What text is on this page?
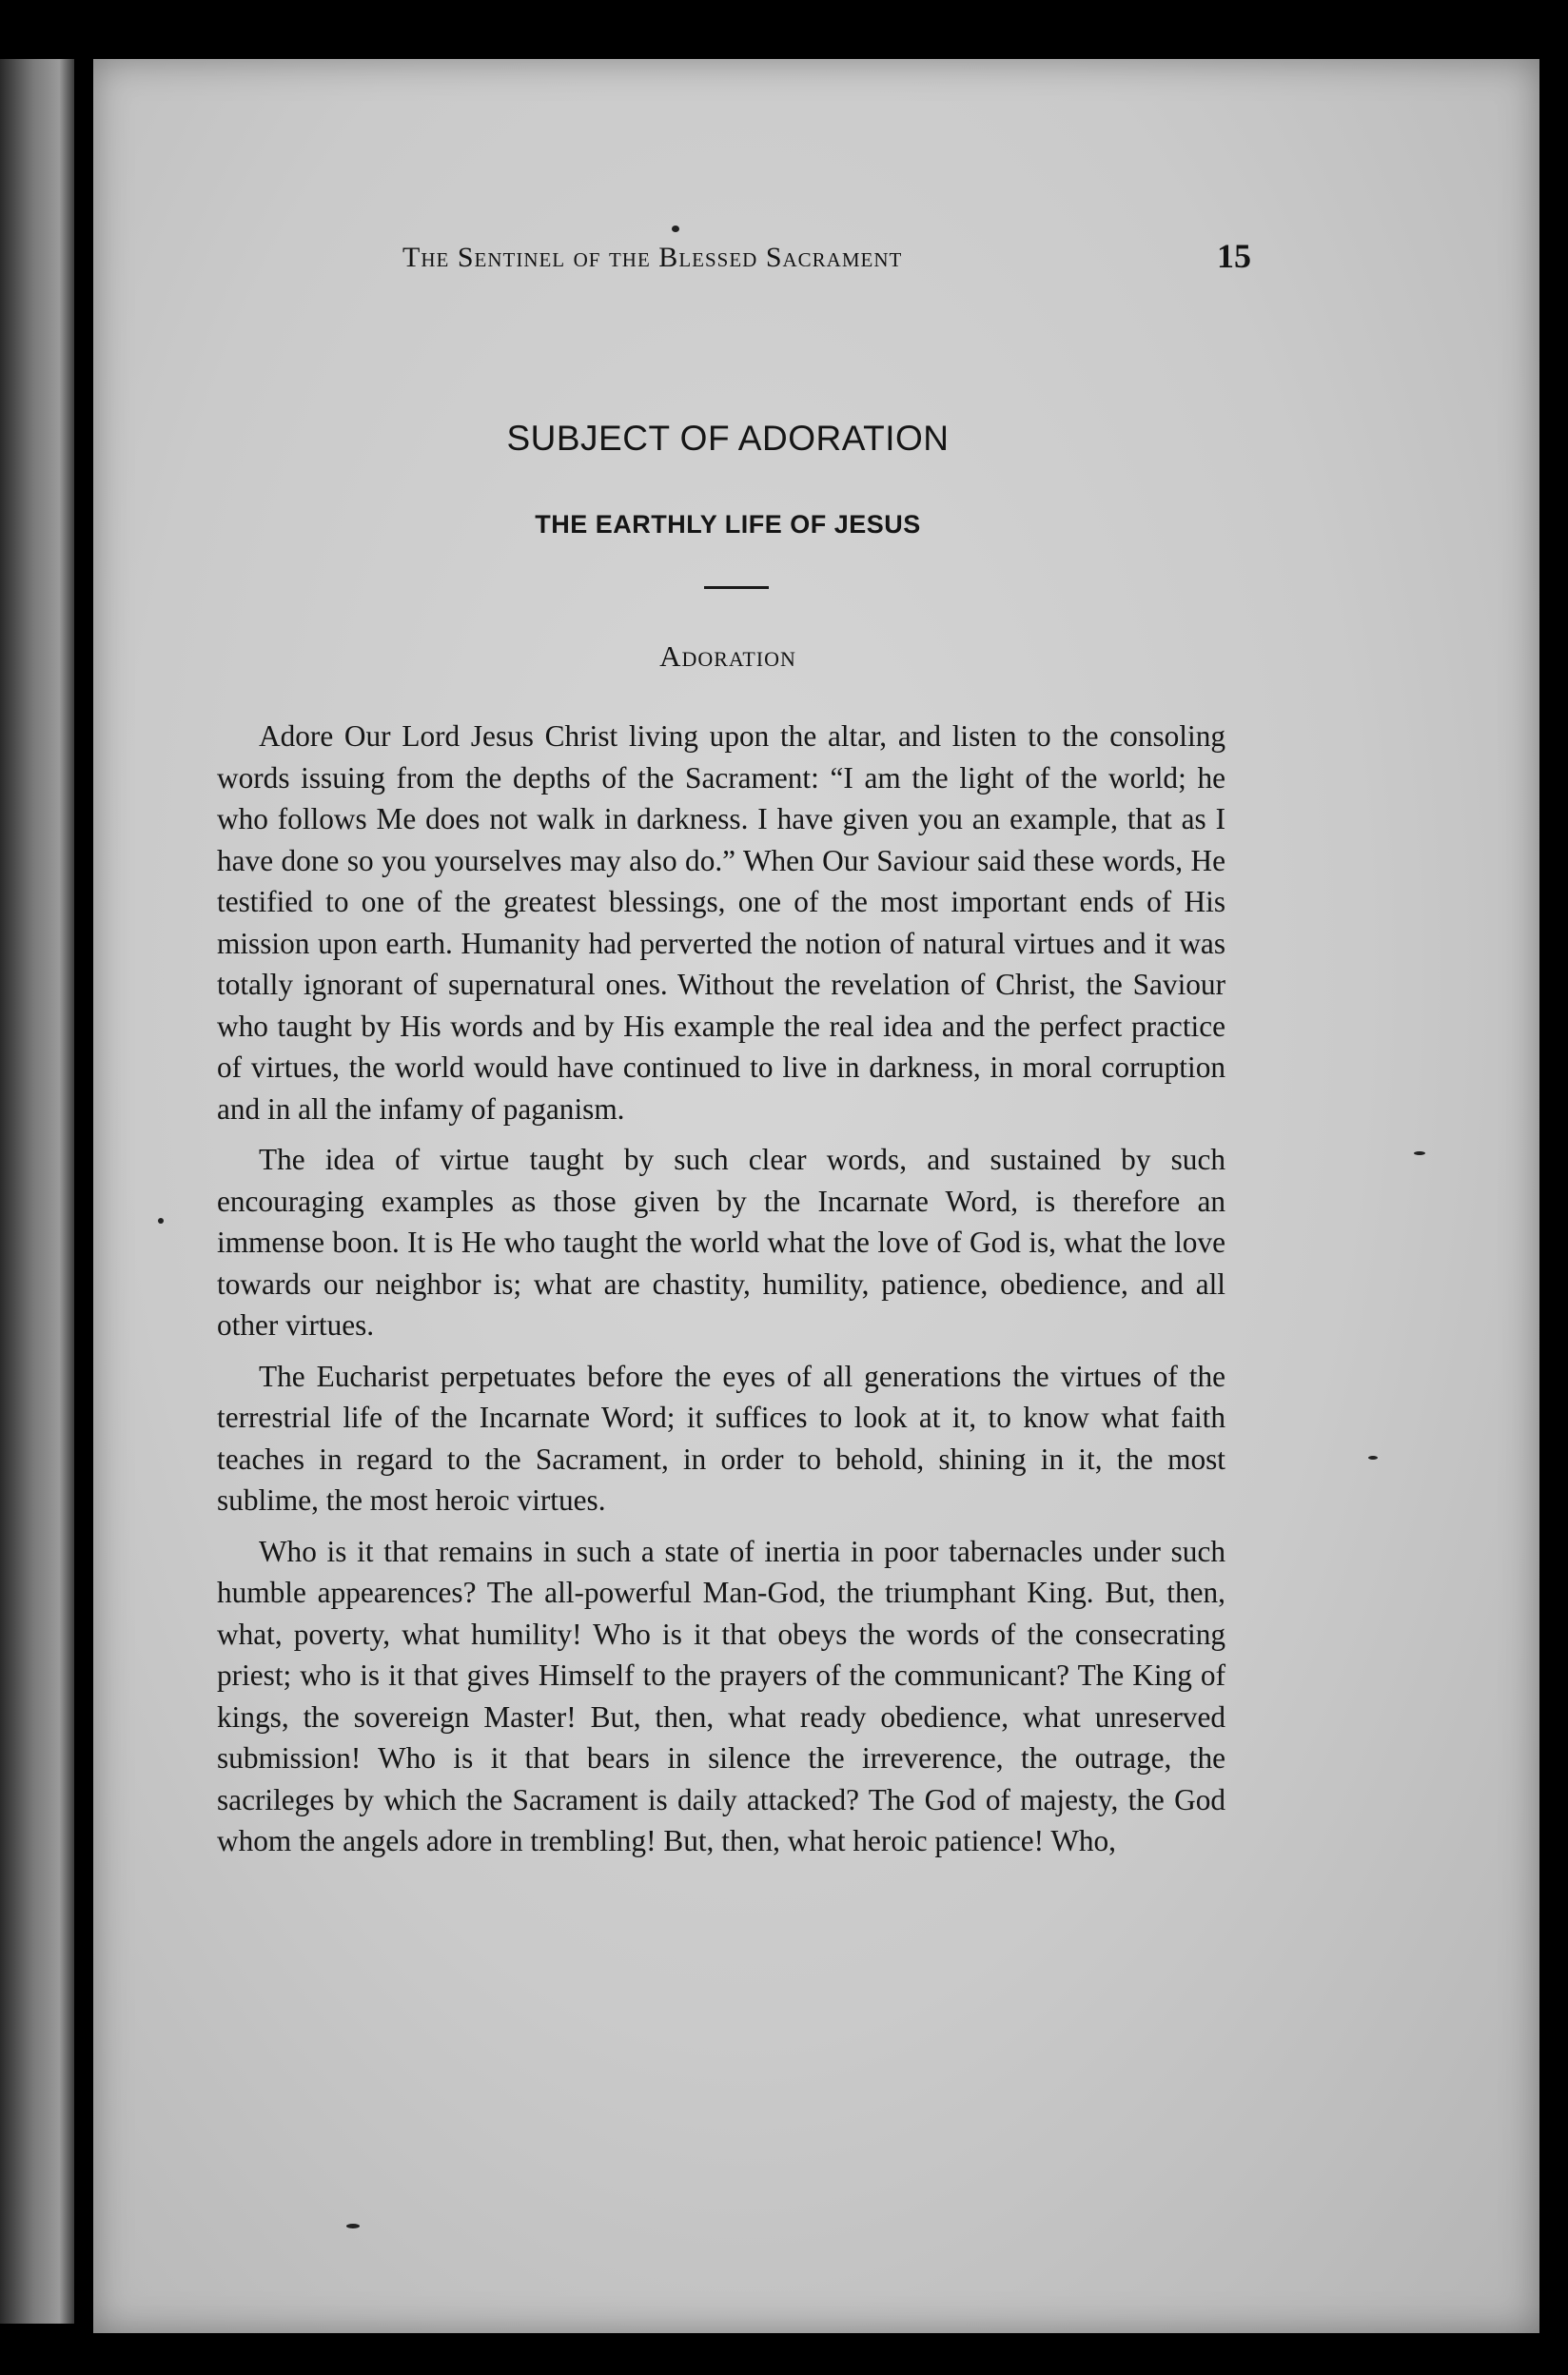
The Sentinel of the Blessed Sacrament	15
SUBJECT OF ADORATION
THE EARTHLY LIFE OF JESUS
Adoration

Adore Our Lord Jesus Christ living upon the altar, and listen to the consoling words issuing from the depths of the Sacrament: “I am the light of the world; he who follows Me does not walk in darkness. I have given you an example, that as I have done so you yourselves may also do.” When Our Saviour said these words, He testified to one of the greatest blessings, one of the most important ends of His mission upon earth. Humanity had perverted the notion of natural virtues and it was totally ignorant of supernatural ones. Without the revelation of Christ, the Saviour who taught by His words and by His example the real idea and the perfect practice of virtues, the world would have continued to live in darkness, in moral corruption and in all the infamy of paganism.

The idea of virtue taught by such clear words, and sustained by such encouraging examples as those given by the Incarnate Word, is therefore an immense boon. It is He who taught the world what the love of God is, what the love towards our neighbor is; what are chastity, humility, patience, obedience, and all other virtues.

The Eucharist perpetuates before the eyes of all generations the virtues of the terrestrial life of the Incarnate Word; it suffices to look at it, to know what faith teaches in regard to the Sacrament, in order to behold, shining in it, the most sublime, the most heroic virtues.

Who is it that remains in such a state of inertia in poor tabernacles under such humble appearences? The all-powerful Man-God, the triumphant King. But, then, what, poverty, what humility! Who is it that obeys the words of the consecrating priest; who is it that gives Himself to the prayers of the communicant? The King of kings, the sovereign Master! But, then, what ready obedience, what unreserved submission! Who is it that bears in silence the irreverence, the outrage, the sacrileges by which the Sacrament is daily attacked? The God of majesty, the God whom the angels adore in trembling! But, then, what heroic patience! Who,
